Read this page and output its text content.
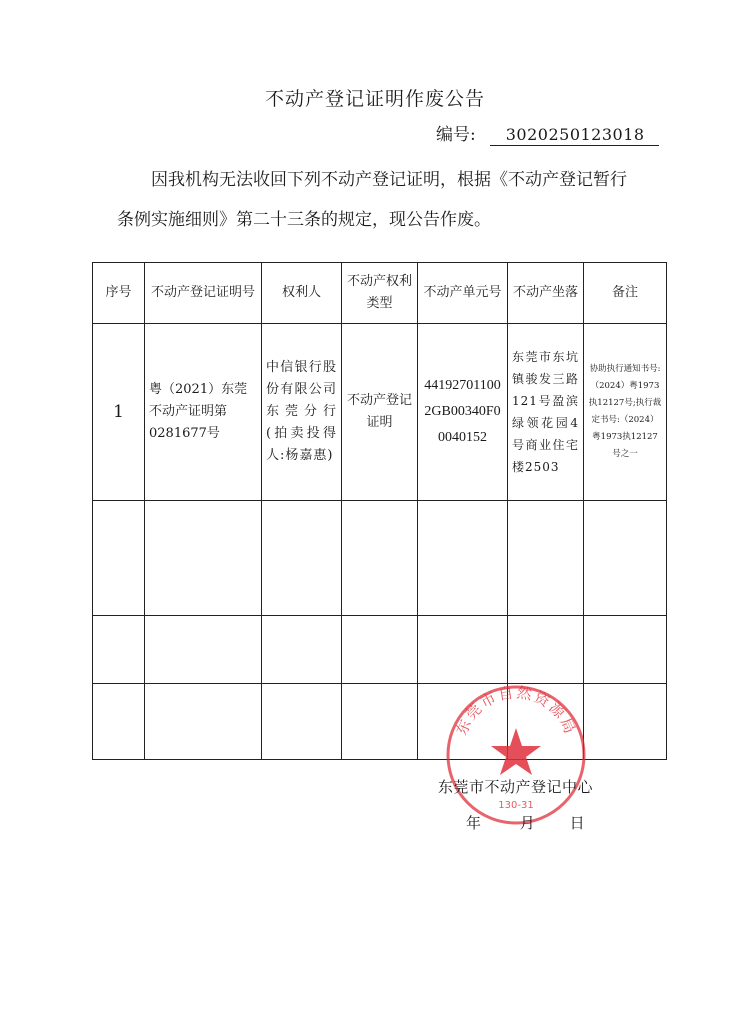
不动产登记证明作废公告
编号: 3020250123018
因我机构无法收回下列不动产登记证明，根据《不动产登记暂行条例实施细则》第二十三条的规定，现公告作废。
序号	不动产登记证明号	权利人	不动产权利类型	不动产单元号	不动产坐落	备注
1	粤（2021）东莞不动产证明第0281677号	中信银行股份有限公司东莞分行(拍卖投得人:杨嘉惠)	不动产登记证明	441927011002GB00340F00040152	东莞市东坑镇骏发三路121号盈滨绿领花园4号商业住宅楼2503	协助执行通知书号:（2024）粤1973执12127号;执行裁定书号:（2024）粤1973执12127号之一

东莞市自然资源局
130-31
东莞市不动产登记中心
年	月 日
